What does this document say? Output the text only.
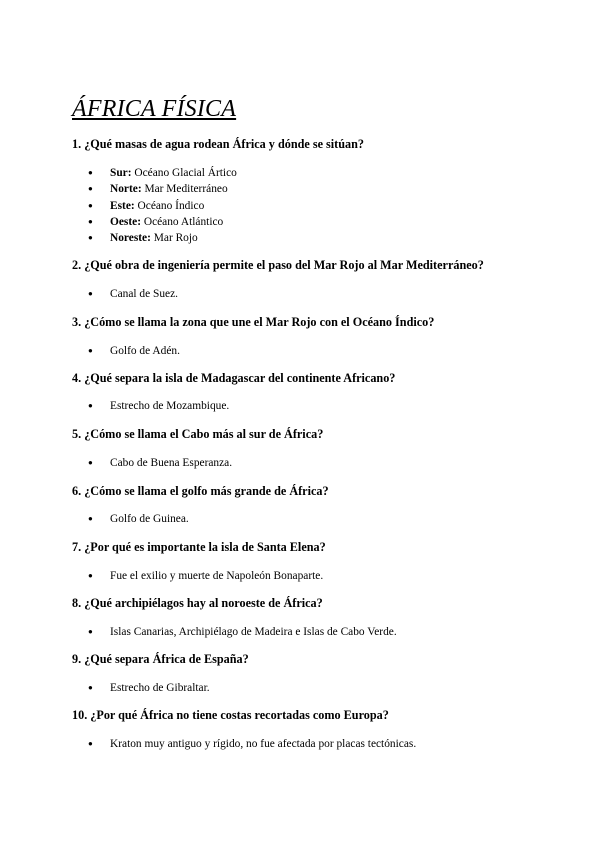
ÁFRICA FÍSICA

1. ¿Qué masas de agua rodean África y dónde se sitúan?

● Sur: Océano Glacial Ártico
● Norte: Mar Mediterráneo
● Este: Océano Índico
● Oeste: Océano Atlántico
● Noreste: Mar Rojo

2. ¿Qué obra de ingeniería permite el paso del Mar Rojo al Mar Mediterráneo?

● Canal de Suez.

3. ¿Cómo se llama la zona que une el Mar Rojo con el Océano Índico?

● Golfo de Adén.

4. ¿Qué separa la isla de Madagascar del continente Africano?

● Estrecho de Mozambique.

5. ¿Cómo se llama el Cabo más al sur de África?

● Cabo de Buena Esperanza.

6. ¿Cómo se llama el golfo más grande de África?

● Golfo de Guinea.

7. ¿Por qué es importante la isla de Santa Elena?

● Fue el exilio y muerte de Napoleón Bonaparte.

8. ¿Qué archipiélagos hay al noroeste de África?

● Islas Canarias, Archipiélago de Madeira e Islas de Cabo Verde.

9. ¿Qué separa África de España?

● Estrecho de Gibraltar.

10. ¿Por qué África no tiene costas recortadas como Europa?

● Kraton muy antiguo y rígido, no fue afectada por placas tectónicas.
